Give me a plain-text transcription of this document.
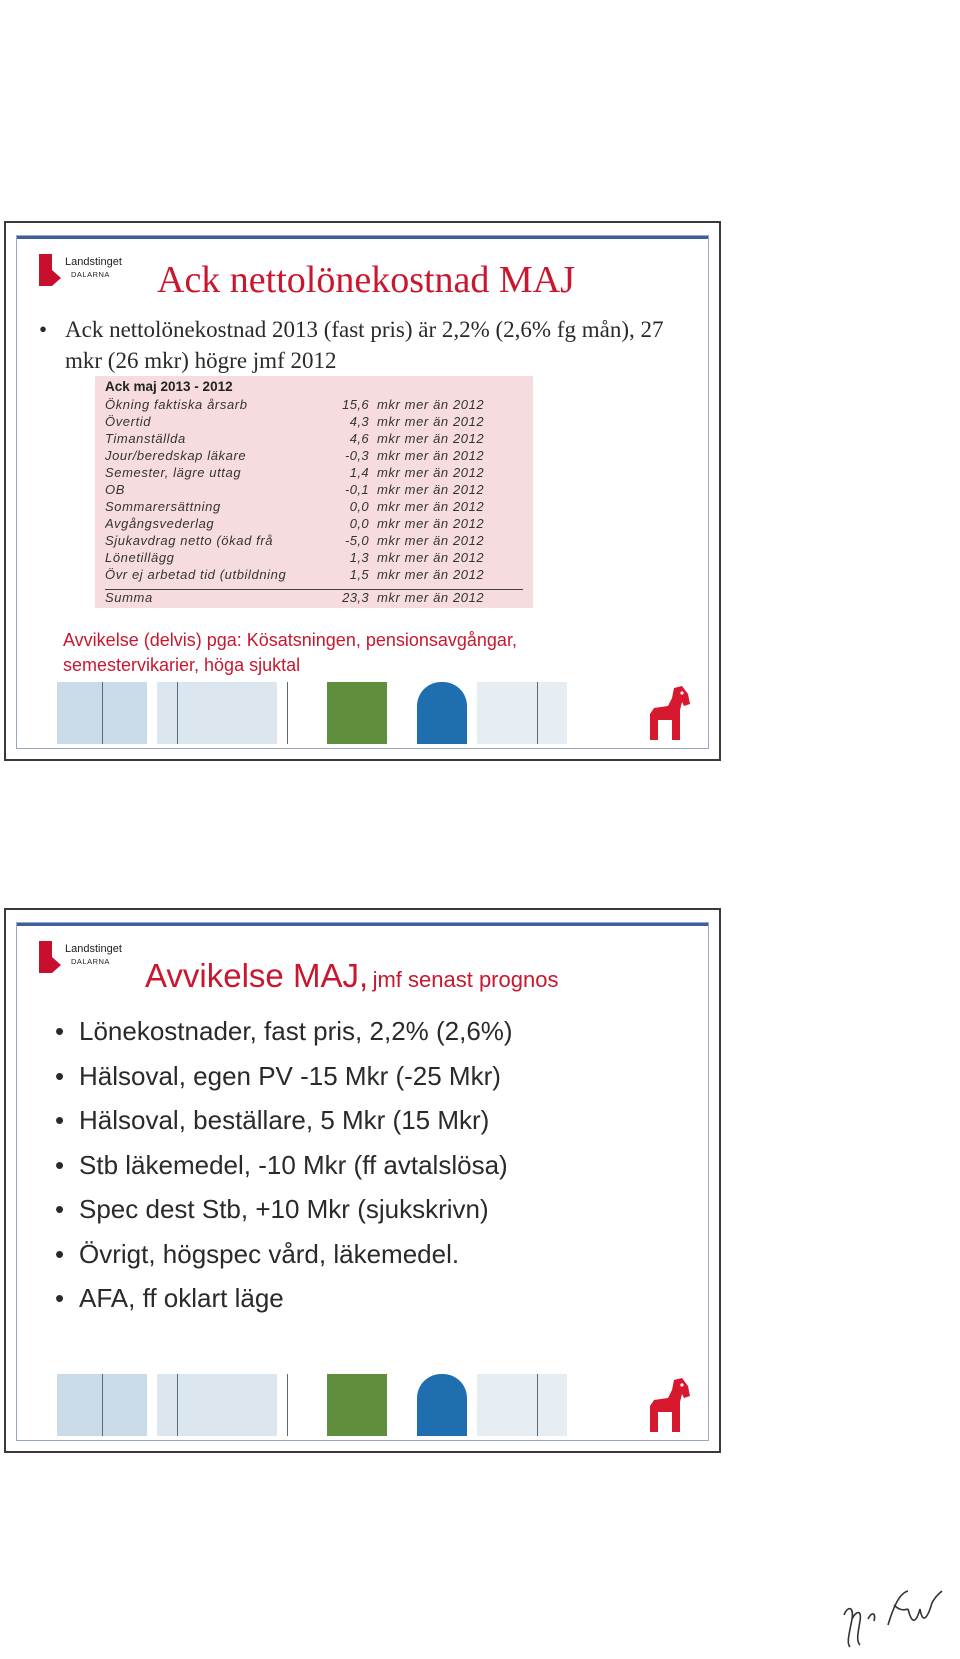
Landstinget
DALARNA Ack nettolönekostnad MAJ
• Ack nettolönekostnad 2013 (fast pris) är 2,2% (2,6% fg mån), 27 mkr (26 mkr) högre jmf 2012
Ack maj 2013 - 2012
Ökning faktiska årsarb	15,6 mkr mer än 2012
Övertid	4,3 mkr mer än 2012
Timanställda	4,6 mkr mer än 2012
Jour/beredskap läkare	-0,3 mkr mer än 2012
Semester, lägre uttag	1,4 mkr mer än 2012
OB	-0,1 mkr mer än 2012
Sommarersättning	0,0 mkr mer än 2012
Avgångsvederlag	0,0 mkr mer än 2012
Sjukavdrag netto (ökad frå	-5,0 mkr mer än 2012
Lönetillägg	1,3 mkr mer än 2012
Övr ej arbetad tid (utbildning	1,5 mkr mer än 2012
Summa	23,3 mkr mer än 2012
Avvikelse (delvis) pga: Kösatsningen, pensionsavgångar, semestervikarier, höga sjuktal
Landstinget
DALARNA Avvikelse MAJ, jmf senast prognos
• Lönekostnader, fast pris, 2,2% (2,6%)
• Hälsoval, egen PV -15 Mkr (-25 Mkr)
• Hälsoval, beställare, 5 Mkr (15 Mkr)
• Stb läkemedel, -10 Mkr (ff avtalslösa)
• Spec dest Stb, +10 Mkr (sjukskrivn)
• Övrigt, högspec vård, läkemedel.
• AFA, ff oklart läge
